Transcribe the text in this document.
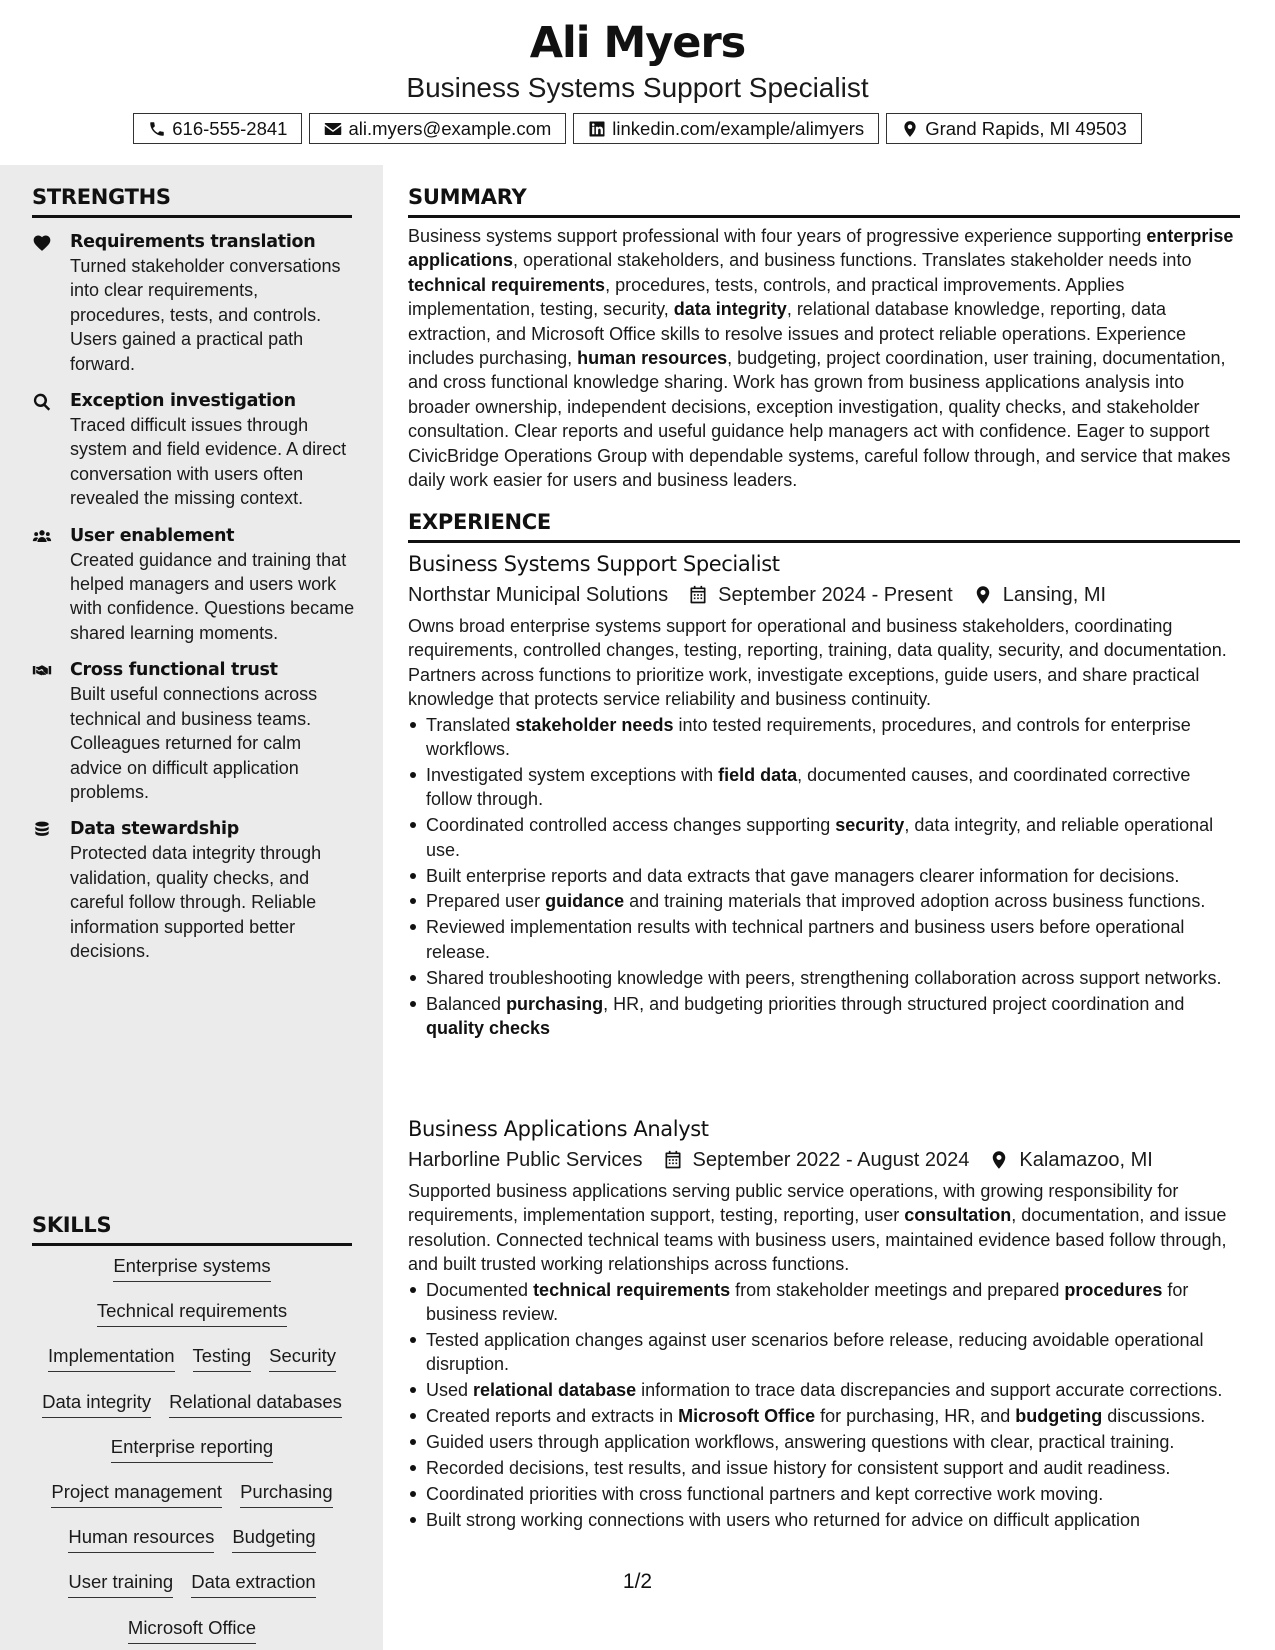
Ali Myers
Business Systems Support Specialist
616-555-2841	ali.myers@example.com	linkedin.com/example/alimyers	Grand Rapids, MI 49503
STRENGTHS
Requirements translation
Turned stakeholder conversations into clear requirements, procedures, tests, and controls. Users gained a practical path forward.
Exception investigation
Traced difficult issues through system and field evidence. A direct conversation with users often revealed the missing context.
User enablement
Created guidance and training that helped managers and users work with confidence. Questions became shared learning moments.
Cross functional trust
Built useful connections across technical and business teams. Colleagues returned for calm advice on difficult application problems.
Data stewardship
Protected data integrity through validation, quality checks, and careful follow through. Reliable information supported better decisions.
SKILLS
Enterprise systems
Technical requirements
Implementation Testing Security
Data integrity Relational databases
Enterprise reporting
Project management Purchasing
Human resources Budgeting
User training Data extraction
Microsoft Office
SUMMARY
Business systems support professional with four years of progressive experience supporting enterprise applications, operational stakeholders, and business functions. Translates stakeholder needs into technical requirements, procedures, tests, controls, and practical improvements. Applies implementation, testing, security, data integrity, relational database knowledge, reporting, data extraction, and Microsoft Office skills to resolve issues and protect reliable operations. Experience includes purchasing, human resources, budgeting, project coordination, user training, documentation, and cross functional knowledge sharing. Work has grown from business applications analysis into broader ownership, independent decisions, exception investigation, quality checks, and stakeholder consultation. Clear reports and useful guidance help managers act with confidence. Eager to support CivicBridge Operations Group with dependable systems, careful follow through, and service that makes daily work easier for users and business leaders.
EXPERIENCE
Business Systems Support Specialist
Northstar Municipal Solutions	September 2024 - Present	Lansing, MI
Owns broad enterprise systems support for operational and business stakeholders, coordinating requirements, controlled changes, testing, reporting, training, data quality, security, and documentation. Partners across functions to prioritize work, investigate exceptions, guide users, and share practical knowledge that protects service reliability and business continuity.
Translated stakeholder needs into tested requirements, procedures, and controls for enterprise workflows.
Investigated system exceptions with field data, documented causes, and coordinated corrective follow through.
Coordinated controlled access changes supporting security, data integrity, and reliable operational use.
Built enterprise reports and data extracts that gave managers clearer information for decisions.
Prepared user guidance and training materials that improved adoption across business functions.
Reviewed implementation results with technical partners and business users before operational release.
Shared troubleshooting knowledge with peers, strengthening collaboration across support networks.
Balanced purchasing, HR, and budgeting priorities through structured project coordination and quality checks
Business Applications Analyst
Harborline Public Services	September 2022 - August 2024	Kalamazoo, MI
Supported business applications serving public service operations, with growing responsibility for requirements, implementation support, testing, reporting, user consultation, documentation, and issue resolution. Connected technical teams with business users, maintained evidence based follow through, and built trusted working relationships across functions.
Documented technical requirements from stakeholder meetings and prepared procedures for business review.
Tested application changes against user scenarios before release, reducing avoidable operational disruption.
Used relational database information to trace data discrepancies and support accurate corrections.
Created reports and extracts in Microsoft Office for purchasing, HR, and budgeting discussions.
Guided users through application workflows, answering questions with clear, practical training.
Recorded decisions, test results, and issue history for consistent support and audit readiness.
Coordinated priorities with cross functional partners and kept corrective work moving.
Built strong working connections with users who returned for advice on difficult application
1/2
